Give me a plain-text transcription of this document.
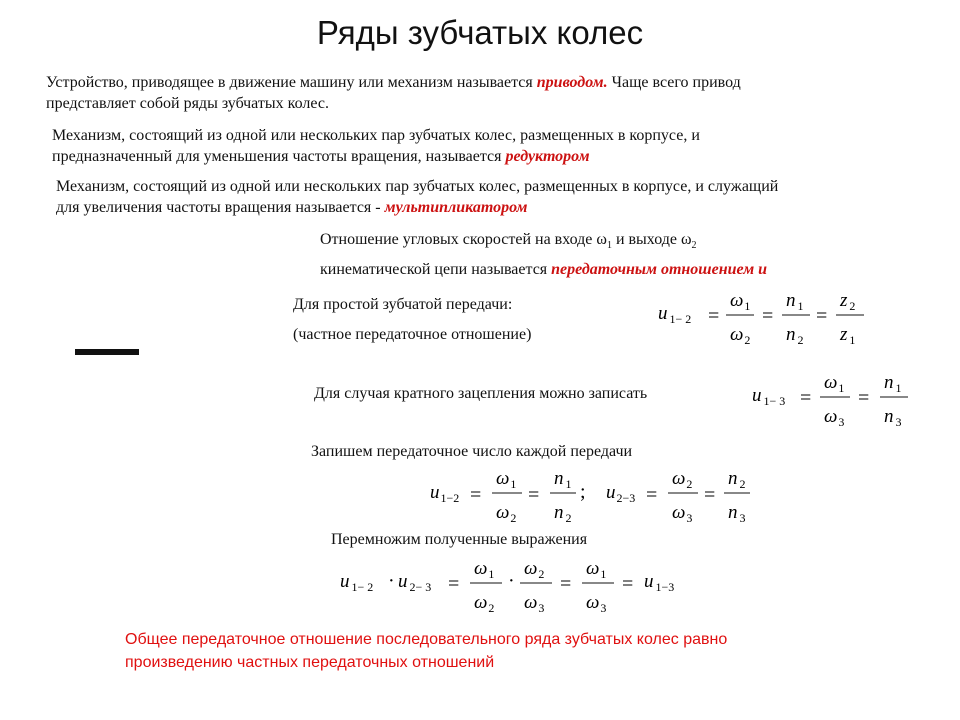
Ряды зубчатых колес
Устройство, приводящее в движение машину или механизм называется приводом. Чаще всего привод
представляет собой ряды зубчатых колес.
Механизм, состоящий из одной или нескольких пар зубчатых колес, размещенных в корпусе, и
предназначенный для уменьшения частоты вращения, называется редуктором
Механизм, состоящий из одной или нескольких пар зубчатых колес, размещенных в корпусе, и служащий
для увеличения частоты вращения называется - мультипликатором
Отношение угловых скоростей на входе $\omega_1$ и выходе $\omega_2$
кинематической цепи называется передаточным отношением u
Для простой зубчатой передачи:
(частное передаточное отношение)
Для случая кратного зацепления можно записать
Запишем передаточное число каждой передачи
Перемножим полученные выражения
u $_{1- 2}$ =
$\omega_1$
$\omega_2$
=
n $_1$
n $_2$
=
z $_2$
z $_1$
u $_{1- 3}$ =
$\omega_1$
$\omega_3$
=
n $_1$
n $_3$
$u_{1-2}$ =
$\omega_1$
$\omega_2$
=
n $_1$
n $_2$
; $u_{2-3}$ =
$\omega_2$
$\omega_3$
=
n $_2$
n $_3$
u $_{1- 2}$ · u $_{2- 3}$ =
$\omega_1$
$\omega_2$
·
$\omega_2$
$\omega_3$
=
$\omega_1$
$\omega_3$
= u $_{1-3}$
Общее передаточное отношение последовательного ряда зубчатых колес равно
произведению частных передаточных отношений
